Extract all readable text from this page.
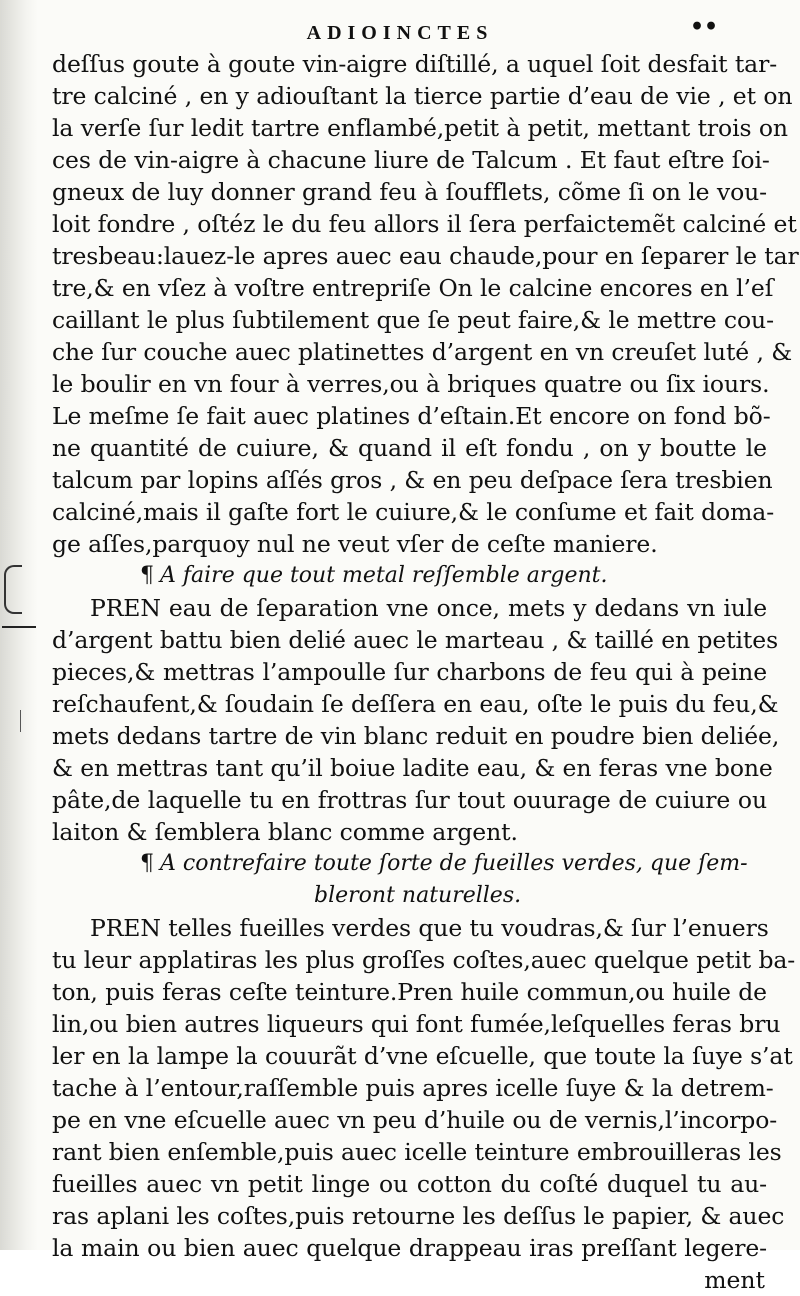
ADIOINCTES	••
deſſus goute à goute vin-aigre diſtillé, a uquel ſoit desfait tar-
tre calciné , en y adiouſtant la tierce partie d’eau de vie , et on
la verſe ſur ledit tartre enflambé,petit à petit, mettant trois on
ces de vin-aigre à chacune liure de Talcum . Et faut eſtre ſoi-
gneux de luy donner grand feu à ſoufflets, cõme ſi on le vou-
loit fondre , oſtéz le du feu allors il ſera perfaictemẽt calciné et
tresbeau:lauez-le apres auec eau chaude,pour en ſeparer le tar
tre,& en vſez à voſtre entrepriſe On le calcine encores en l’eſ
caillant le plus ſubtilement que ſe peut faire,& le mettre cou-
che ſur couche auec platinettes d’argent en vn creuſet luté , &
le boulir en vn four à verres,ou à briques quatre ou ſix iours.
Le meſme ſe fait auec platines d’eſtain.Et encore on fond bõ-
ne quantité de cuiure, & quand il eſt fondu , on y boutte le
talcum par lopins aſſés gros , & en peu deſpace ſera tresbien
calciné,mais il gaſte fort le cuiure,& le conſume et fait doma-
ge aſſes,parquoy nul ne veut vſer de ceſte maniere.
¶ A faire que tout metal reſſemble argent.
PREN eau de ſeparation vne once, mets y dedans vn iule
d’argent battu bien delié auec le marteau , & taillé en petites
pieces,& mettras l’ampoulle ſur charbons de feu qui à peine
reſchaufent,& ſoudain ſe deſſera en eau, oſte le puis du feu,&
mets dedans tartre de vin blanc reduit en poudre bien deliée,
& en mettras tant qu’il boiue ladite eau, & en feras vne bone
pâte,de laquelle tu en frottras ſur tout ouurage de cuiure ou
laiton & ſemblera blanc comme argent.
¶ A contrefaire toute ſorte de fueilles verdes, que ſem-
bleront naturelles.
PREN telles fueilles verdes que tu voudras,& ſur l’enuers
tu leur applatiras les plus groſſes coſtes,auec quelque petit ba-
ton, puis feras ceſte teinture.Pren huile commun,ou huile de
lin,ou bien autres liqueurs qui font fumée,leſquelles feras bru
ler en la lampe la couurãt d’vne eſcuelle, que toute la ſuye s’at
tache à l’entour,raſſemble puis apres icelle ſuye & la detrem-
pe en vne eſcuelle auec vn peu d’huile ou de vernis,l’incorpo-
rant bien enſemble,puis auec icelle teinture embrouilleras les
fueilles auec vn petit linge ou cotton du coſté duquel tu au-
ras aplani les coſtes,puis retourne les deſſus le papier, & auec
la main ou bien auec quelque drappeau iras preſſant legere-
ment
